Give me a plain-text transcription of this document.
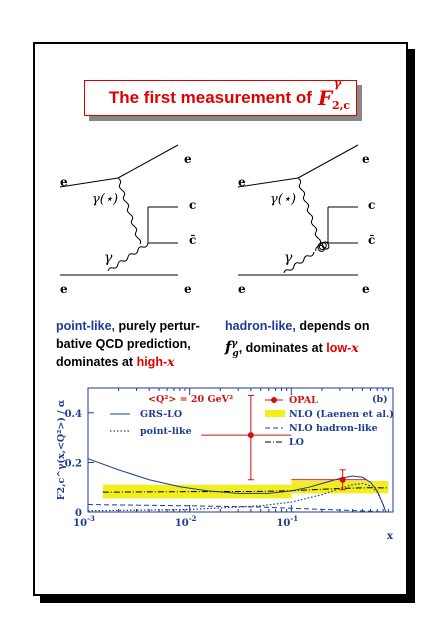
The first measurement of F
γ
2,c
e
e
γ(⋆)	c
c̄
γ
e	e
e
e
γ(⋆)	c
c̄
γ
e	e
point-like, purely pertur-
bative QCD prediction,
dominates at high-x
hadron-like, depends on
$f^\gamma_g$, dominates at low-x
0
0.2
0.4
$10^{-3}$	$10^{-2}$	$10^{-1}$
x
F2,c^γ(x,<Q²>) / α
<Q²> = 20 GeV²	(b)
GRS-LO
point-like
OPAL
NLO (Laenen et al.)
NLO hadron-like
LO
